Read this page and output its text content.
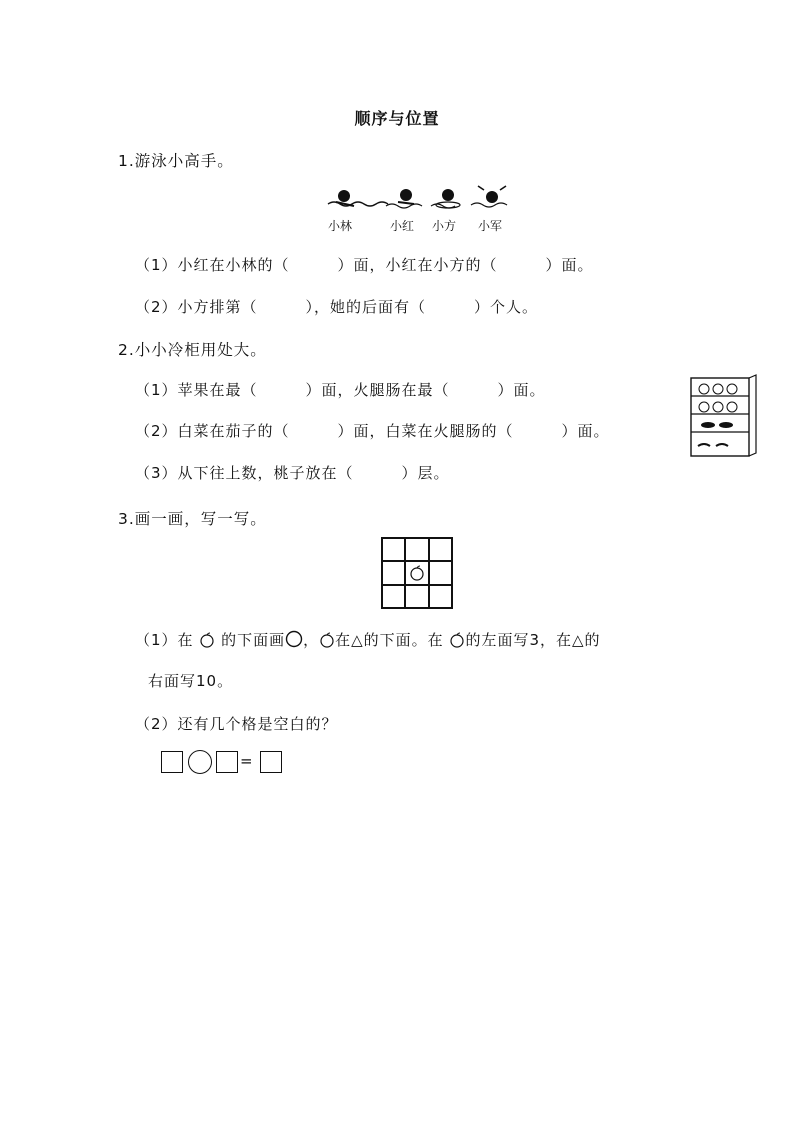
顺序与位置
1.游泳小高手。
小林	小红 小方 小军
（1）小红在小林的（　　　）面，小红在小方的（　　　）面。
（2）小方排第（　　　），她的后面有（　　　）个人。
2.小小冷柜用处大。
（1）苹果在最（　　　）面，火腿肠在最（　　　）面。
（2）白菜在茄子的（　　　）面，白菜在火腿肠的（　　　）面。
（3）从下往上数，桃子放在（　　　）层。
3.画一画，写一写。
（1）在 的下面画 ， 在△的下面。在 的左面写3，在△的
右面写10。
（2）还有几个格是空白的？
=
